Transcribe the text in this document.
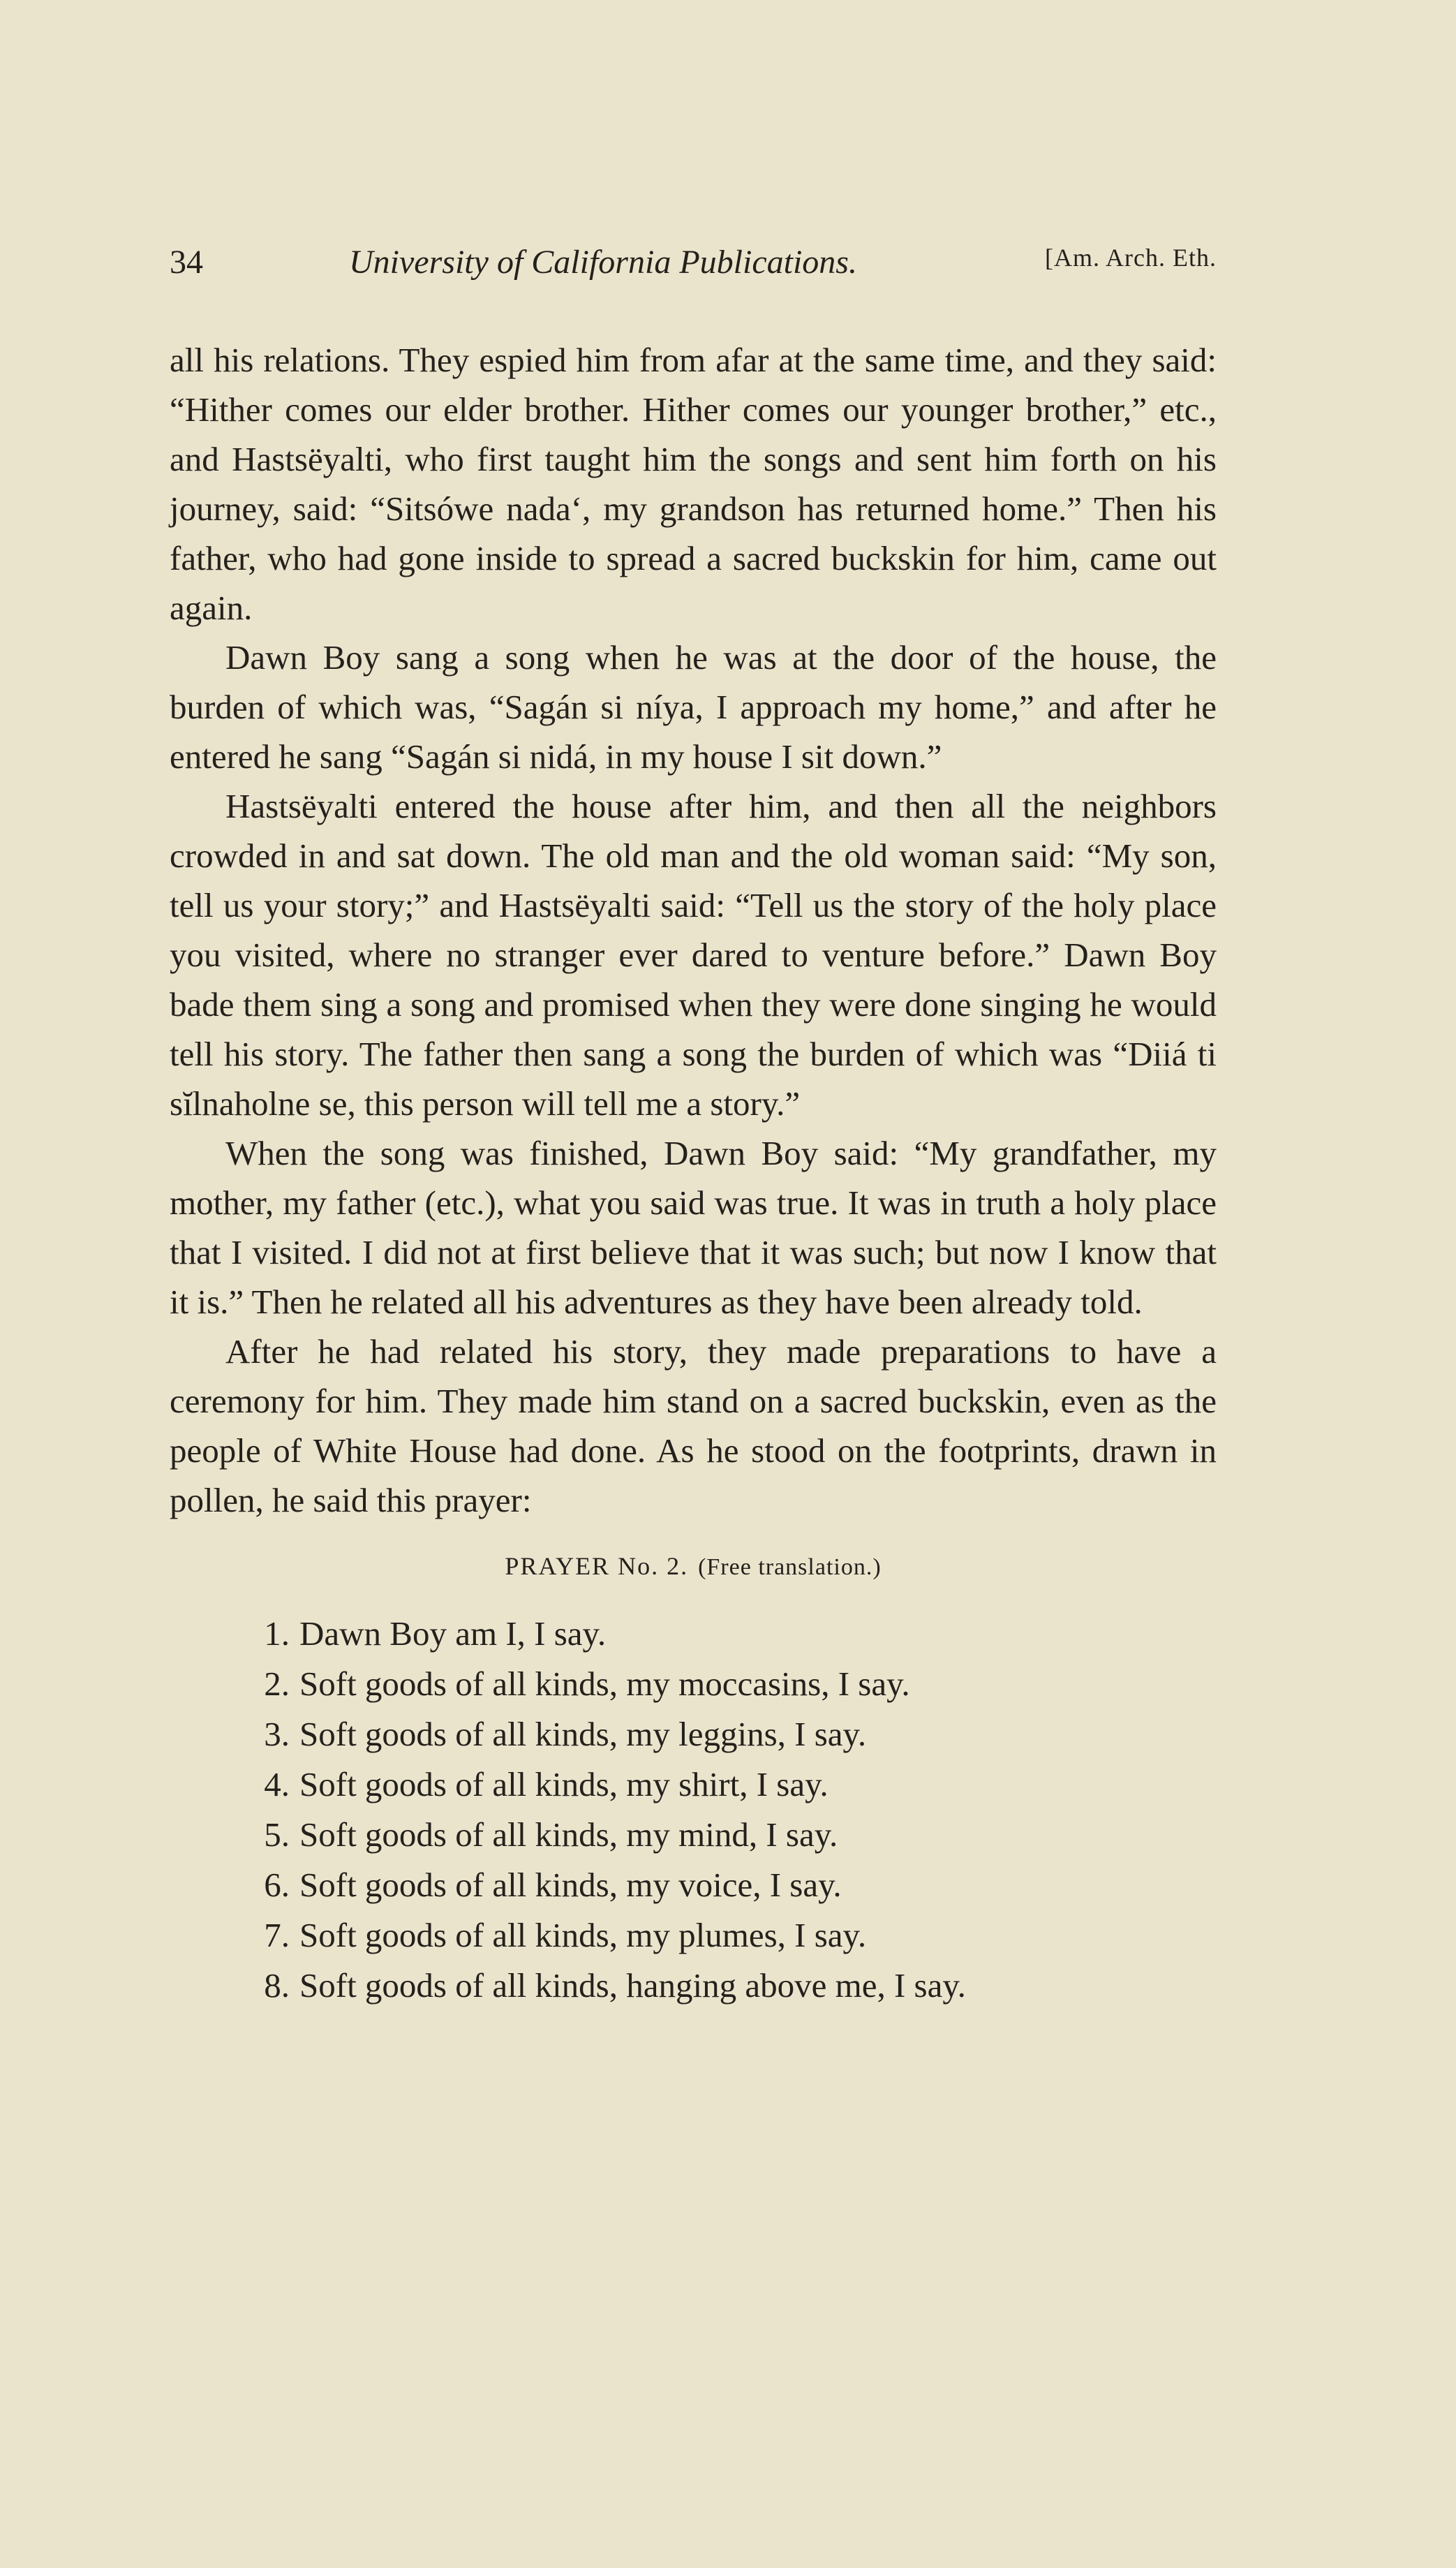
34	University of California Publications.	[Am. Arch. Eth.

all his relations. They espied him from afar at the same time, and they said: “Hither comes our elder brother. Hither comes our younger brother,” etc., and Hastsëyalti, who first taught him the songs and sent him forth on his journey, said: “Sitsówe nada‘, my grandson has returned home.” Then his father, who had gone inside to spread a sacred buckskin for him, came out again.

Dawn Boy sang a song when he was at the door of the house, the burden of which was, “Sagán si níya, I approach my home,” and after he entered he sang “Sagán si nidá, in my house I sit down.”

Hastsëyalti entered the house after him, and then all the neighbors crowded in and sat down. The old man and the old woman said: “My son, tell us your story;” and Hastsëyalti said: “Tell us the story of the holy place you visited, where no stranger ever dared to venture before.” Dawn Boy bade them sing a song and promised when they were done singing he would tell his story. The father then sang a song the burden of which was “Diiá ti sĭlnaholne se, this person will tell me a story.”

When the song was finished, Dawn Boy said: “My grandfather, my mother, my father (etc.), what you said was true. It was in truth a holy place that I visited. I did not at first believe that it was such; but now I know that it is.” Then he related all his adventures as they have been already told.

After he had related his story, they made preparations to have a ceremony for him. They made him stand on a sacred buckskin, even as the people of White House had done. As he stood on the footprints, drawn in pollen, he said this prayer:

PRAYER No. 2. (Free translation.)
1. Dawn Boy am I, I say.
2. Soft goods of all kinds, my moccasins, I say.
3. Soft goods of all kinds, my leggins, I say.
4. Soft goods of all kinds, my shirt, I say.
5. Soft goods of all kinds, my mind, I say.
6. Soft goods of all kinds, my voice, I say.
7. Soft goods of all kinds, my plumes, I say.
8. Soft goods of all kinds, hanging above me, I say.
